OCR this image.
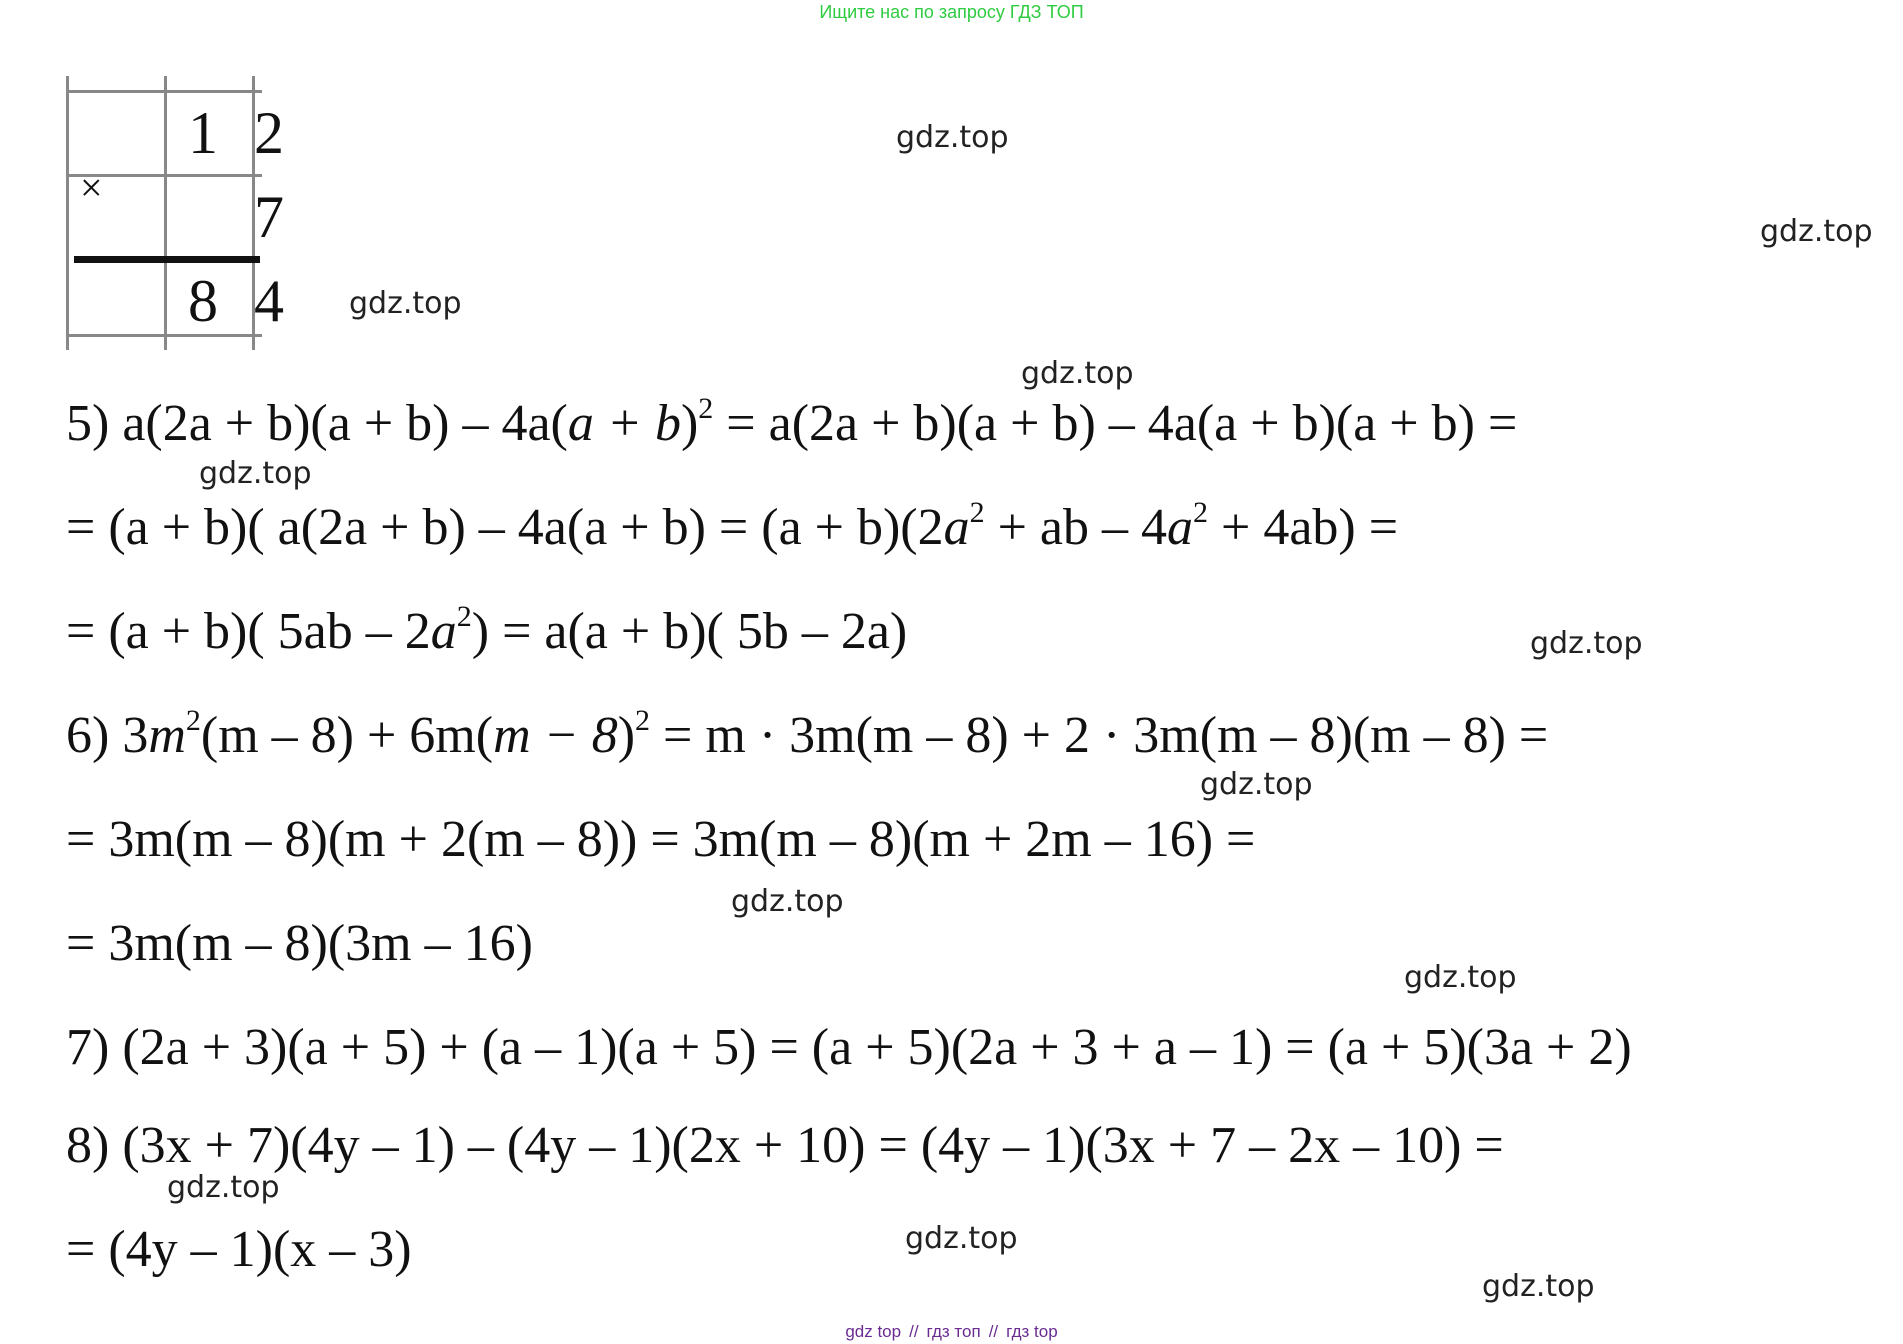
Ищите нас по запросу ГДЗ ТОП
1 2
×	7
8 4
gdz.top
gdz.top
gdz.top
gdz.top
gdz.top
gdz.top
gdz.top
gdz.top
gdz.top
gdz.top
gdz.top
gdz.top
5) $a(2a + b)(a + b) - 4a(a + b)^2 = a(2a + b)(a + b) - 4a(a + b)(a + b)$ =
= (a + b)( $a(2a + b) - 4a(a + b) = (a + b)(2a^2$ + ab – $4a^2 + 4ab$) =
= (a + b)( $5ab - 2a^2) = a(a + b)$( 5b – 2a)
6) $3m^2(m - 8) + 6m(m - 8)^2 = m \cdot 3m(m - 8) + 2 \cdot 3m(m - 8)(m - 8)$ =
= 3m(m – 8)(m + 2(m – 8)) = 3m(m – 8)(m + 2m – 16) =
= 3m(m – 8)(3m – 16)
7) (2a + 3)(a + 5) + (a – 1)(a + 5) = (a + 5)(2a + 3 + a – 1) = (a + 5)(3a + 2)
8) (3x + 7)(4y – 1) – (4y – 1)(2x + 10) = (4y – 1)(3x + 7 – 2x – 10) =
= (4y – 1)(x – 3)
gdz top // гдз топ // гдз top
